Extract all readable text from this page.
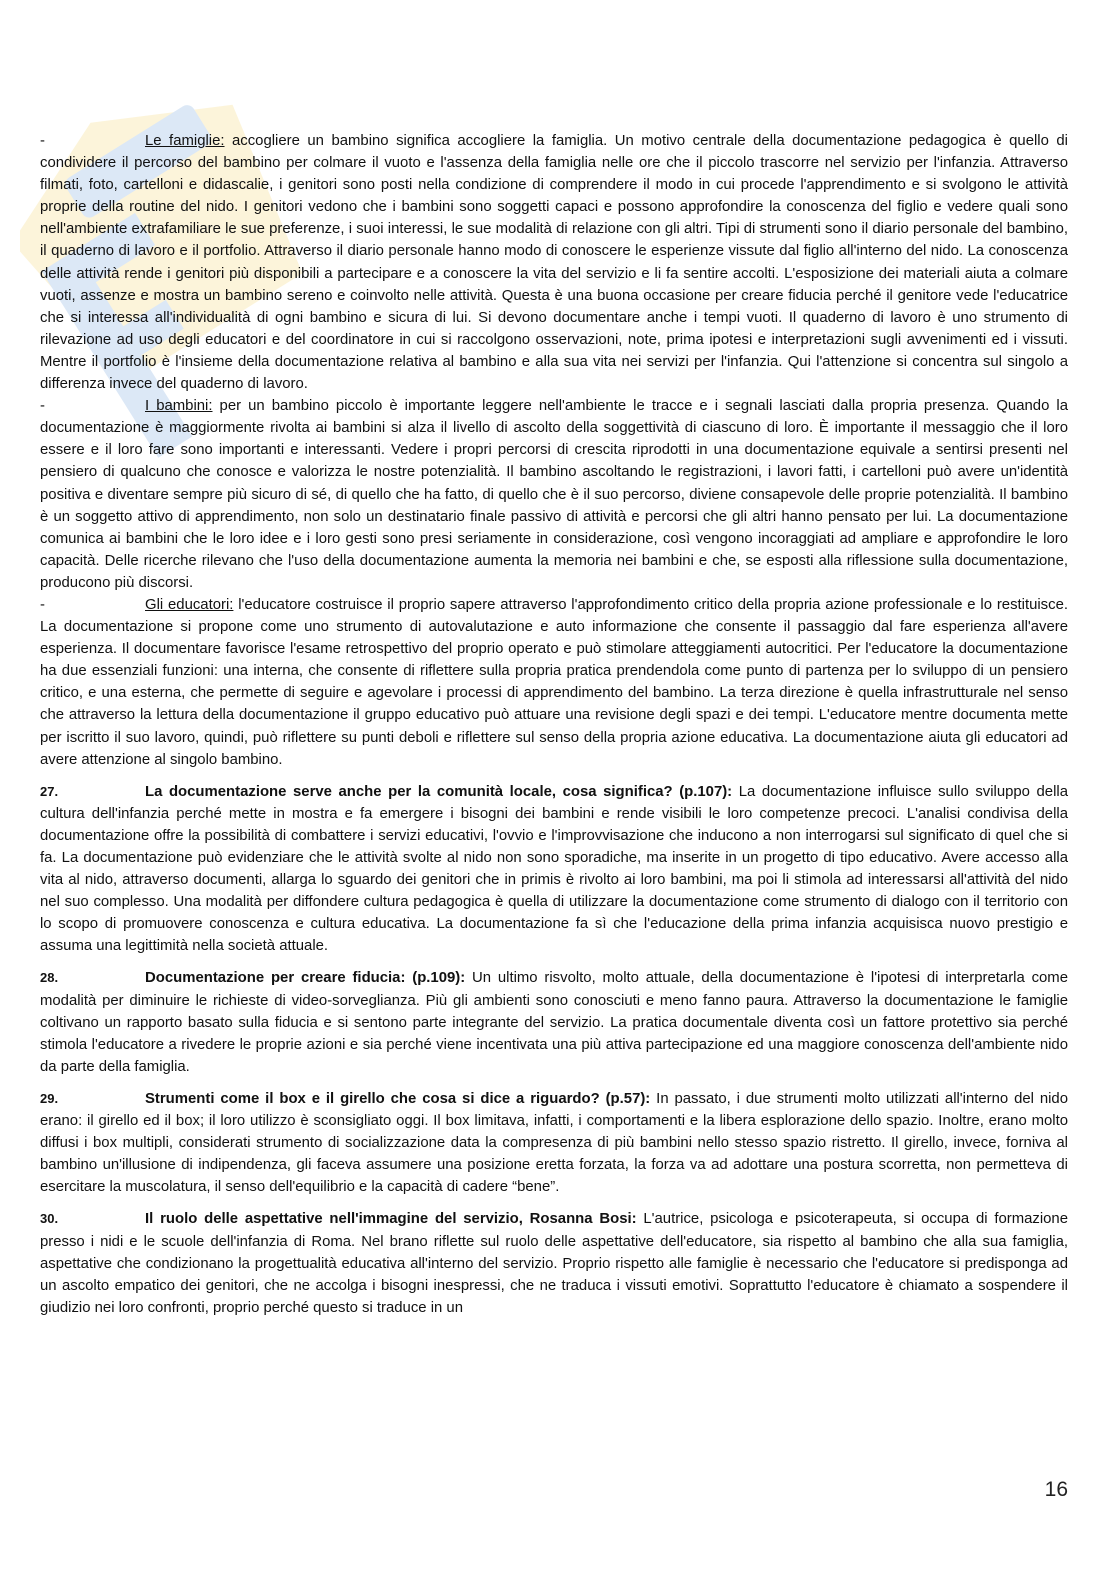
-	Le famiglie: accogliere un bambino significa accogliere la famiglia. Un motivo centrale della documentazione pedagogica è quello di condividere il percorso del bambino per colmare il vuoto e l'assenza della famiglia nelle ore che il piccolo trascorre nel servizio per l'infanzia. Attraverso filmati, foto, cartelloni e didascalie, i genitori sono posti nella condizione di comprendere il modo in cui procede l'apprendimento e si svolgono le attività proprie della routine del nido. I genitori vedono che i bambini sono soggetti capaci e possono approfondire la conoscenza del figlio e vedere quali sono nell'ambiente extrafamiliare le sue preferenze, i suoi interessi, le sue modalità di relazione con gli altri. Tipi di strumenti sono il diario personale del bambino, il quaderno di lavoro e il portfolio. Attraverso il diario personale hanno modo di conoscere le esperienze vissute dal figlio all'interno del nido. La conoscenza delle attività rende i genitori più disponibili a partecipare e a conoscere la vita del servizio e li fa sentire accolti. L'esposizione dei materiali aiuta a colmare vuoti, assenze e mostra un bambino sereno e coinvolto nelle attività. Questa è una buona occasione per creare fiducia perché il genitore vede l'educatrice che si interessa all'individualità di ogni bambino e sicura di lui. Si devono documentare anche i tempi vuoti. Il quaderno di lavoro è uno strumento di rilevazione ad uso degli educatori e del coordinatore in cui si raccolgono osservazioni, note, prima ipotesi e interpretazioni sugli avvenimenti ed i vissuti. Mentre il portfolio è l'insieme della documentazione relativa al bambino e alla sua vita nei servizi per l'infanzia. Qui l'attenzione si concentra sul singolo a differenza invece del quaderno di lavoro.

-	I bambini: per un bambino piccolo è importante leggere nell'ambiente le tracce e i segnali lasciati dalla propria presenza. Quando la documentazione è maggiormente rivolta ai bambini si alza il livello di ascolto della soggettività di ciascuno di loro. È importante il messaggio che il loro essere e il loro fare sono importanti e interessanti. Vedere i propri percorsi di crescita riprodotti in una documentazione equivale a sentirsi presenti nel pensiero di qualcuno che conosce e valorizza le nostre potenzialità. Il bambino ascoltando le registrazioni, i lavori fatti, i cartelloni può avere un'identità positiva e diventare sempre più sicuro di sé, di quello che ha fatto, di quello che è il suo percorso, diviene consapevole delle proprie potenzialità. Il bambino è un soggetto attivo di apprendimento, non solo un destinatario finale passivo di attività e percorsi che gli altri hanno pensato per lui. La documentazione comunica ai bambini che le loro idee e i loro gesti sono presi seriamente in considerazione, così vengono incoraggiati ad ampliare e approfondire le loro capacità. Delle ricerche rilevano che l'uso della documentazione aumenta la memoria nei bambini e che, se esposti alla riflessione sulla documentazione, producono più discorsi.

-	Gli educatori: l'educatore costruisce il proprio sapere attraverso l'approfondimento critico della propria azione professionale e lo restituisce. La documentazione si propone come uno strumento di autovalutazione e auto informazione che consente il passaggio dal fare esperienza all'avere esperienza. Il documentare favorisce l'esame retrospettivo del proprio operato e può stimolare atteggiamenti autocritici. Per l'educatore la documentazione ha due essenziali funzioni: una interna, che consente di riflettere sulla propria pratica prendendola come punto di partenza per lo sviluppo di un pensiero critico, e una esterna, che permette di seguire e agevolare i processi di apprendimento del bambino. La terza direzione è quella infrastrutturale nel senso che attraverso la lettura della documentazione il gruppo educativo può attuare una revisione degli spazi e dei tempi. L'educatore mentre documenta mette per iscritto il suo lavoro, quindi, può riflettere su punti deboli e riflettere sul senso della propria azione educativa. La documentazione aiuta gli educatori ad avere attenzione al singolo bambino.

27.	La documentazione serve anche per la comunità locale, cosa significa? (p.107): La documentazione influisce sullo sviluppo della cultura dell'infanzia perché mette in mostra e fa emergere i bisogni dei bambini e rende visibili le loro competenze precoci. L'analisi condivisa della documentazione offre la possibilità di combattere i servizi educativi, l'ovvio e l'improvvisazione che inducono a non interrogarsi sul significato di quel che si fa. La documentazione può evidenziare che le attività svolte al nido non sono sporadiche, ma inserite in un progetto di tipo educativo. Avere accesso alla vita al nido, attraverso documenti, allarga lo sguardo dei genitori che in primis è rivolto ai loro bambini, ma poi li stimola ad interessarsi all'attività del nido nel suo complesso. Una modalità per diffondere cultura pedagogica è quella di utilizzare la documentazione come strumento di dialogo con il territorio con lo scopo di promuovere conoscenza e cultura educativa. La documentazione fa sì che l'educazione della prima infanzia acquisisca nuovo prestigio e assuma una legittimità nella società attuale.

28.	Documentazione per creare fiducia: (p.109): Un ultimo risvolto, molto attuale, della documentazione è l'ipotesi di interpretarla come modalità per diminuire le richieste di video-sorveglianza. Più gli ambienti sono conosciuti e meno fanno paura. Attraverso la documentazione le famiglie coltivano un rapporto basato sulla fiducia e si sentono parte integrante del servizio. La pratica documentale diventa così un fattore protettivo sia perché stimola l'educatore a rivedere le proprie azioni e sia perché viene incentivata una più attiva partecipazione ed una maggiore conoscenza dell'ambiente nido da parte della famiglia.

29.	Strumenti come il box e il girello che cosa si dice a riguardo? (p.57): In passato, i due strumenti molto utilizzati all'interno del nido erano: il girello ed il box; il loro utilizzo è sconsigliato oggi. Il box limitava, infatti, i comportamenti e la libera esplorazione dello spazio. Inoltre, erano molto diffusi i box multipli, considerati strumento di socializzazione data la compresenza di più bambini nello stesso spazio ristretto. Il girello, invece, forniva al bambino un'illusione di indipendenza, gli faceva assumere una posizione eretta forzata, la forza va ad adottare una postura scorretta, non permetteva di esercitare la muscolatura, il senso dell'equilibrio e la capacità di cadere “bene”.

30.	Il ruolo delle aspettative nell'immagine del servizio, Rosanna Bosi: L'autrice, psicologa e psicoterapeuta, si occupa di formazione presso i nidi e le scuole dell'infanzia di Roma. Nel brano riflette sul ruolo delle aspettative dell'educatore, sia rispetto al bambino che alla sua famiglia, aspettative che condizionano la progettualità educativa all'interno del servizio. Proprio rispetto alle famiglie è necessario che l'educatore si predisponga ad un ascolto empatico dei genitori, che ne accolga i bisogni inespressi, che ne traduca i vissuti emotivi. Soprattutto l'educatore è chiamato a sospendere il giudizio nei loro confronti, proprio perché questo si traduce in un

16
